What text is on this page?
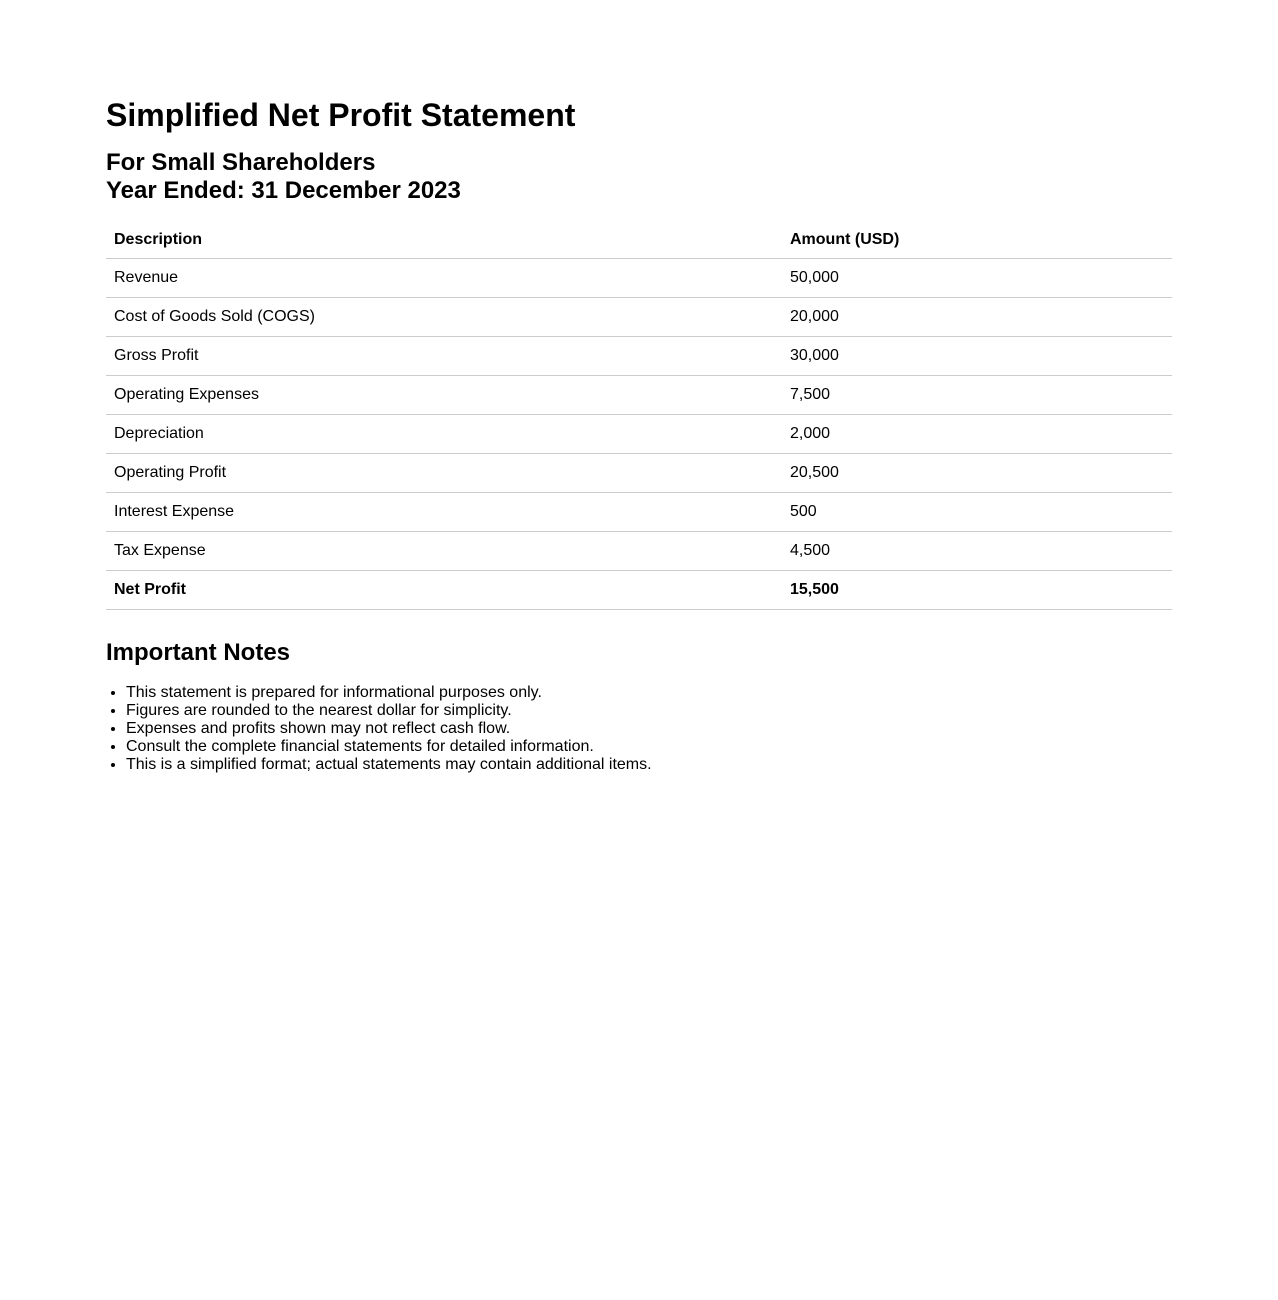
Simplified Net Profit Statement
For Small Shareholders
Year Ended: 31 December 2023
Description	Amount (USD)
Revenue	50,000
Cost of Goods Sold (COGS)	20,000
Gross Profit	30,000
Operating Expenses	7,500
Depreciation	2,000
Operating Profit	20,500
Interest Expense	500
Tax Expense	4,500
Net Profit	15,500
Important Notes
• This statement is prepared for informational purposes only.
• Figures are rounded to the nearest dollar for simplicity.
• Expenses and profits shown may not reflect cash flow.
• Consult the complete financial statements for detailed information.
• This is a simplified format; actual statements may contain additional items.
